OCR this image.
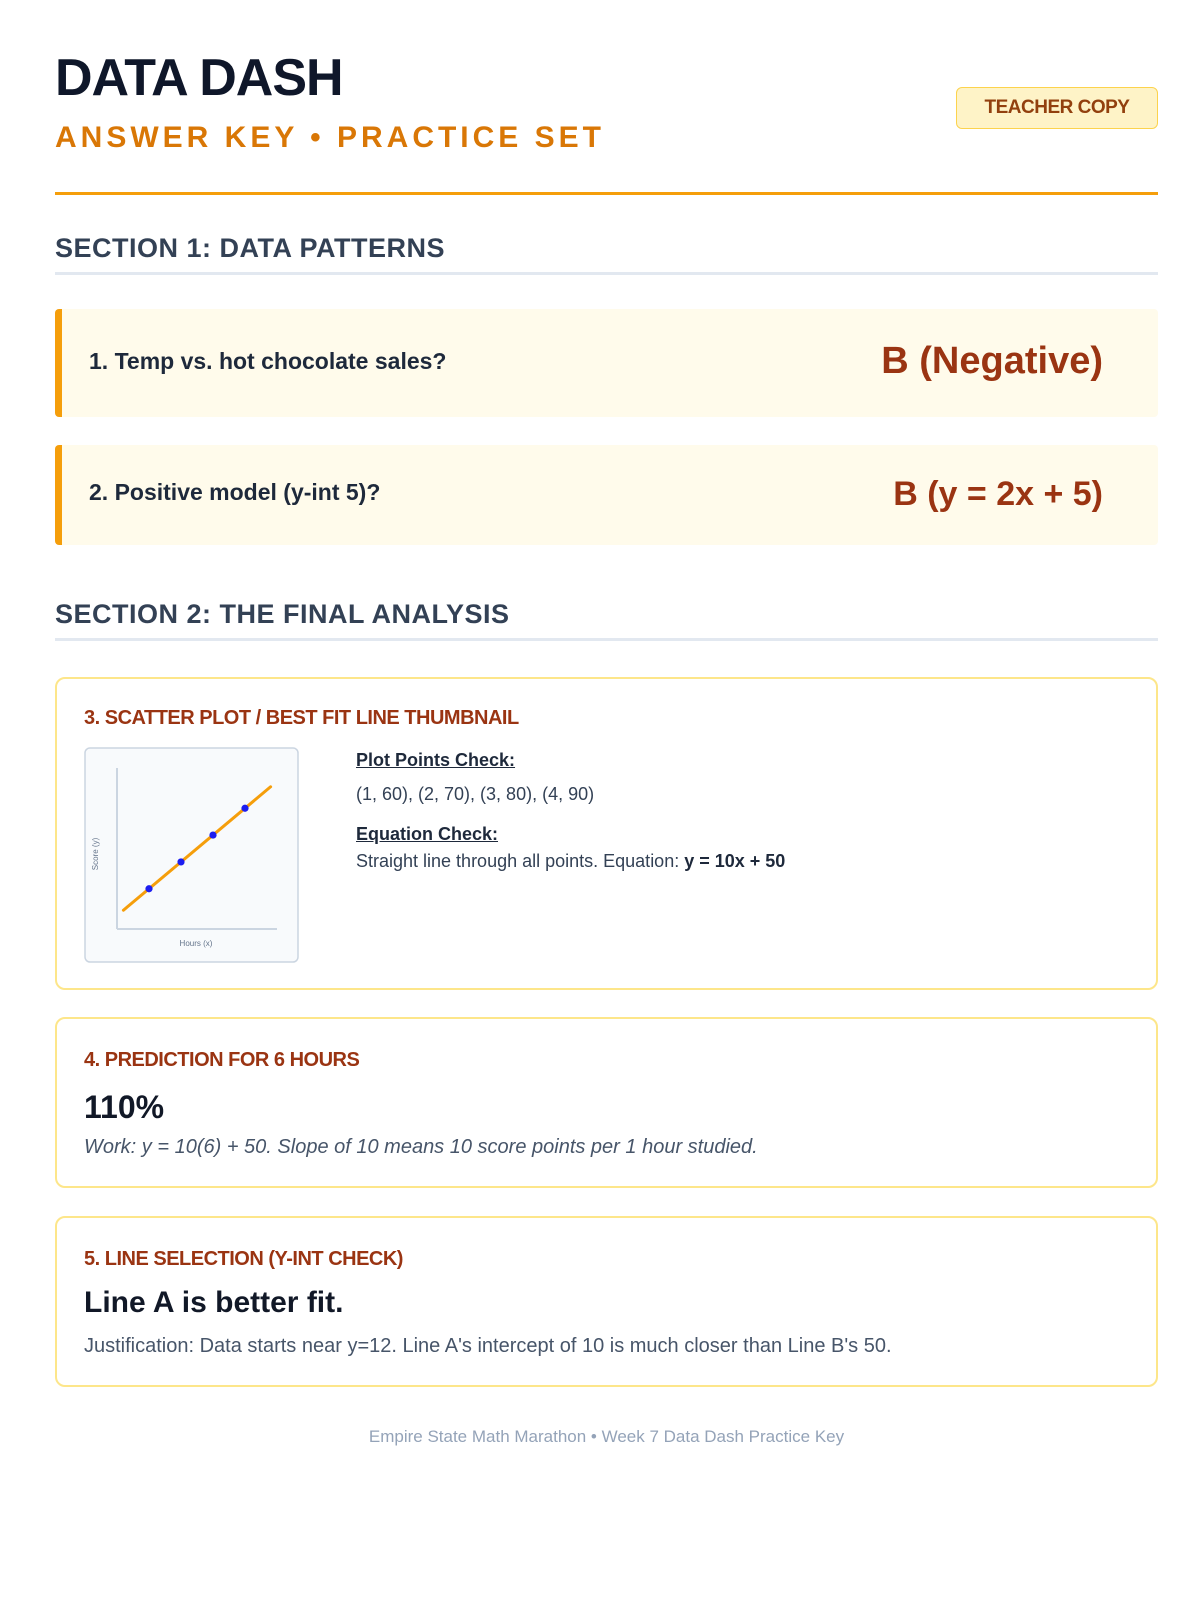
DATA DASH
ANSWER KEY • PRACTICE SET
TEACHER COPY
SECTION 1: DATA PATTERNS
1. Temp vs. hot chocolate sales?	B (Negative)
2. Positive model (y-int 5)?	B (y = 2x + 5)
SECTION 2: THE FINAL ANALYSIS
3. SCATTER PLOT / BEST FIT LINE THUMBNAIL
Score (y)
Hours (x)
Plot Points Check:
(1, 60), (2, 70), (3, 80), (4, 90)
Equation Check:
Straight line through all points. Equation: y = 10x + 50
4. PREDICTION FOR 6 HOURS
110%
Work: y = 10(6) + 50. Slope of 10 means 10 score points per 1 hour studied.
5. LINE SELECTION (Y-INT CHECK)
Line A is better fit.
Justification: Data starts near y=12. Line A's intercept of 10 is much closer than Line B's 50.
Empire State Math Marathon • Week 7 Data Dash Practice Key
